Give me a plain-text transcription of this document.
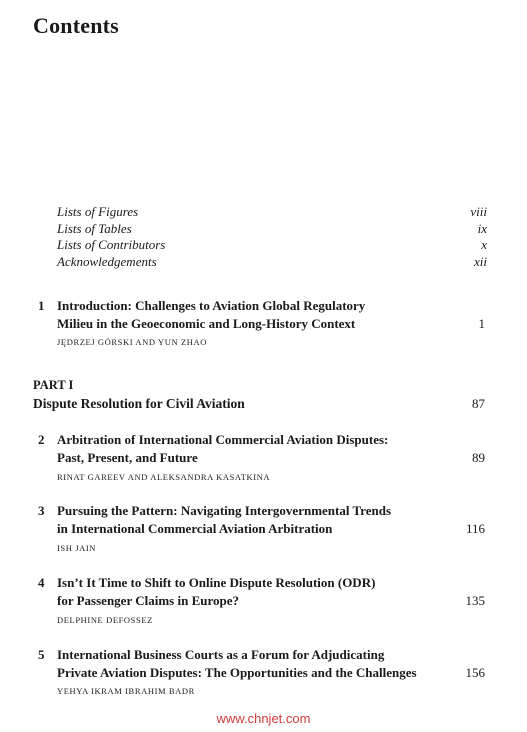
Contents
Lists of Figures	viii
Lists of Tables	ix
Lists of Contributors	x
Acknowledgements	xii
1 Introduction: Challenges to Aviation Global Regulatory
Milieu in the Geoeconomic and Long-History Context	1
JĘDRZEJ GÓRSKI AND YUN ZHAO
PART I
Dispute Resolution for Civil Aviation	87
2 Arbitration of International Commercial Aviation Disputes:
Past, Present, and Future	89
RINAT GAREEV AND ALEKSANDRA KASATKINA
3 Pursuing the Pattern: Navigating Intergovernmental Trends
in International Commercial Aviation Arbitration	116
ISH JAIN
4 Isn’t It Time to Shift to Online Dispute Resolution (ODR)
for Passenger Claims in Europe?	135
DELPHINE DEFOSSEZ
5 International Business Courts as a Forum for Adjudicating
Private Aviation Disputes: The Opportunities and the Challenges	156
YEHYA IKRAM IBRAHIM BADR
www.chnjet.com
